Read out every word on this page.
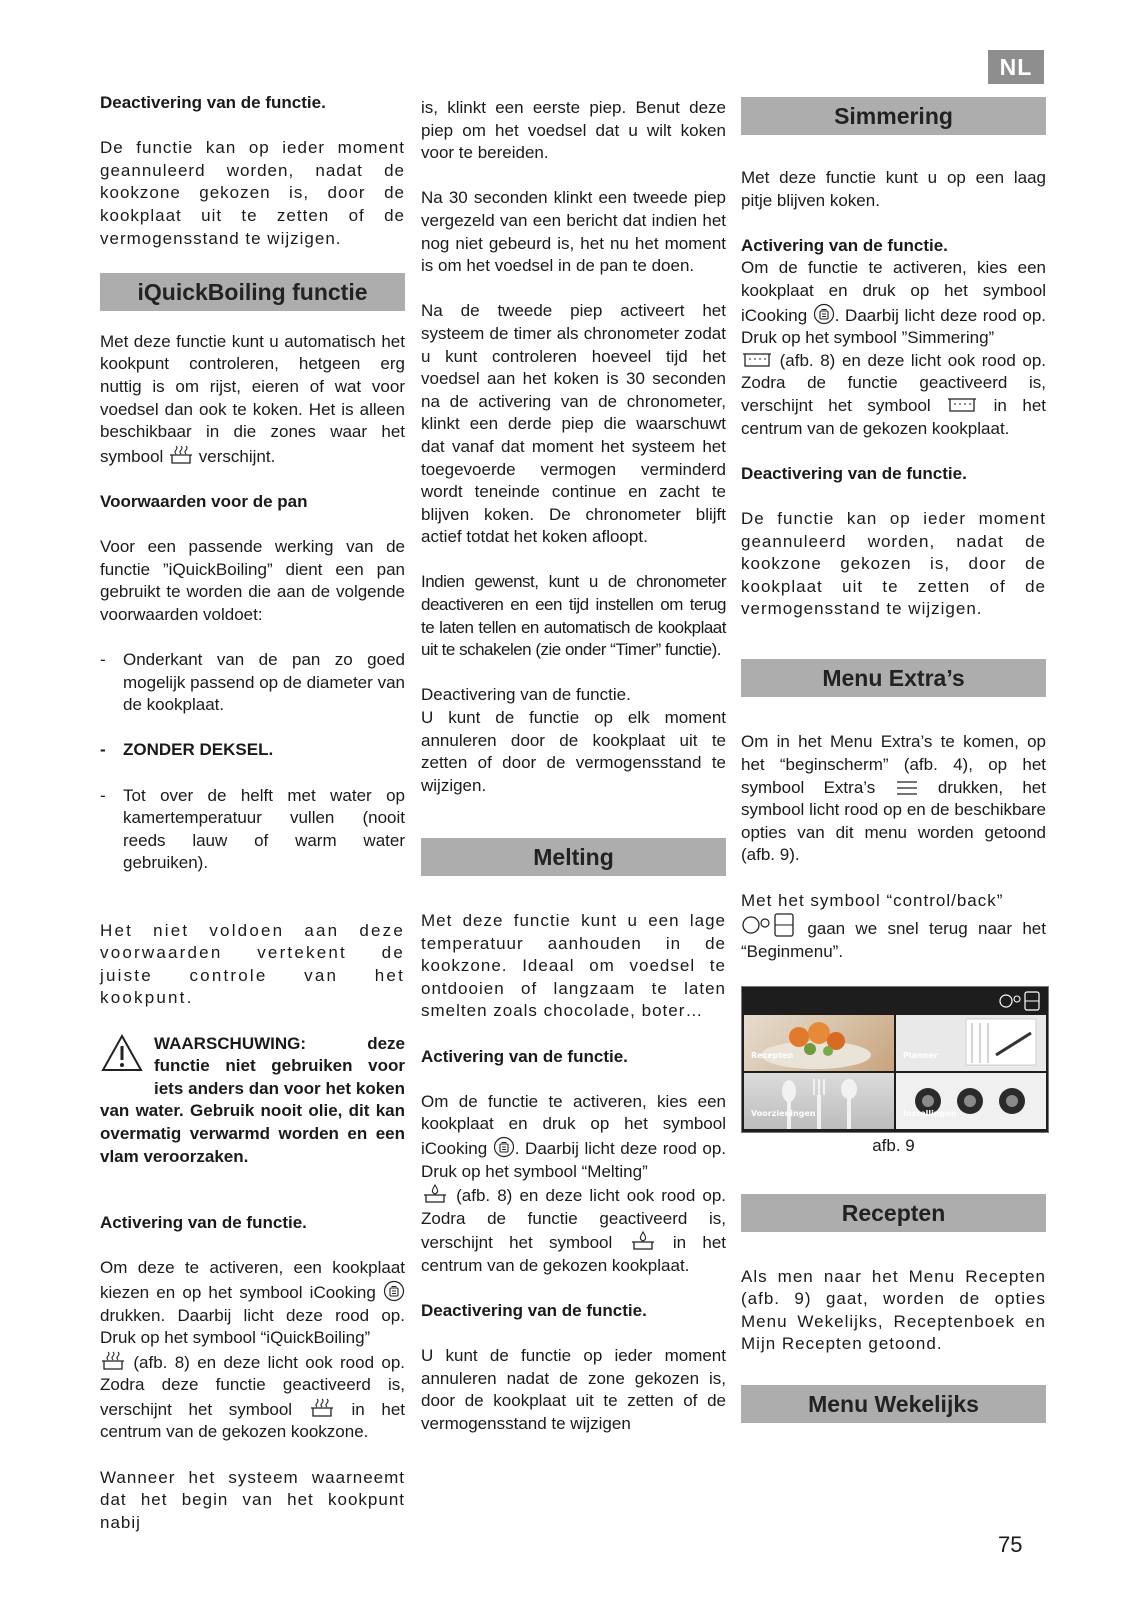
NL

Deactivering van de functie.

De functie kan op ieder moment geannuleerd worden, nadat de kookzone gekozen is, door de kookplaat uit te zetten of de vermogensstand te wijzigen.

iQuickBoiling functie

Met deze functie kunt u automatisch het kookpunt controleren, hetgeen erg nuttig is om rijst, eieren of wat voor voedsel dan ook te koken. Het is alleen beschikbaar in die zones waar het symbool verschijnt.

Voorwaarden voor de pan

Voor een passende werking van de functie ”iQuickBoiling” dient een pan gebruikt te worden die aan de volgende voorwaarden voldoet:

- Onderkant van de pan zo goed mogelijk passend op de diameter van de kookplaat.
- ZONDER DEKSEL.
- Tot over de helft met water op kamertemperatuur vullen (nooit reeds lauw of warm water gebruiken).

Het niet voldoen aan deze voorwaarden vertekent de juiste controle van het kookpunt.

WAARSCHUWING: deze functie niet gebruiken voor iets anders dan voor het koken van water. Gebruik nooit olie, dit kan overmatig verwarmd worden en een vlam veroorzaken.

Activering van de functie.

Om deze te activeren, een kookplaat kiezen en op het symbool iCooking
drukken. Daarbij licht deze rood op. Druk op het symbool “iQuickBoiling”

(afb. 8) en deze licht ook rood op. Zodra deze functie geactiveerd is, verschijnt het symbool	in het centrum van de gekozen kookzone.

Wanneer het systeem waarneemt dat het begin van het kookpunt nabij

is, klinkt een eerste piep. Benut deze piep om het voedsel dat u wilt koken voor te bereiden.

Na 30 seconden klinkt een tweede piep vergezeld van een bericht dat indien het nog niet gebeurd is, het nu het moment is om het voedsel in de pan te doen.

Na de tweede piep activeert het systeem de timer als chronometer zodat u kunt controleren hoeveel tijd het voedsel aan het koken is 30 seconden na de activering van de chronometer, klinkt een derde piep die waarschuwt dat vanaf dat moment het systeem het toegevoerde vermogen verminderd wordt teneinde continue en zacht te blijven koken. De chronometer blijft actief totdat het koken afloopt.

Indien gewenst, kunt u de chronometer deactiveren en een tijd instellen om terug te laten tellen en automatisch de kookplaat uit te schakelen (zie onder “Timer” functie).

Deactivering van de functie.

U kunt de functie op elk moment annuleren door de kookplaat uit te zetten of door de vermogensstand te wijzigen.

Melting

Met deze functie kunt u een lage temperatuur aanhouden in de kookzone. Ideaal om voedsel te ontdooien of langzaam te laten smelten zoals chocolade, boter…

Activering van de functie.

Om de functie te activeren, kies een kookplaat en druk op het symbool iCooking . Daarbij licht deze rood op. Druk op het symbool “Melting”

(afb. 8) en deze licht ook rood op. Zodra de functie geactiveerd is, verschijnt het symbool	in het centrum van de gekozen kookplaat.

Deactivering van de functie.

U kunt de functie op ieder moment annuleren nadat de zone gekozen is, door de kookplaat uit te zetten of de vermogensstand te wijzigen

Simmering

Met deze functie kunt u op een laag pitje blijven koken.

Activering van de functie.

Om de functie te activeren, kies een kookplaat en druk op het symbool iCooking . Daarbij licht deze rood op. Druk op het symbool ”Simmering”

(afb. 8) en deze licht ook rood op. Zodra de functie geactiveerd is, verschijnt het symbool	in het centrum van de gekozen kookplaat.

Deactivering van de functie.

De functie kan op ieder moment geannuleerd worden, nadat de kookzone gekozen is, door de kookplaat uit te zetten of de vermogensstand te wijzigen.

Menu Extra’s

Om in het Menu Extra’s te komen, op het “beginscherm” (afb. 4), op het symbool Extra’s	drukken, het symbool licht rood op en de beschikbare opties van dit menu worden getoond (afb. 9).

Met het symbool “control/back”

gaan we snel terug naar het “Beginmenu”.

Recepten	Planner
Voorzieningen	Instellingen

afb. 9

Recepten

Als men naar het Menu Recepten (afb. 9) gaat, worden de opties Menu Wekelijks, Receptenboek en Mijn Recepten getoond.

Menu Wekelijks
75
